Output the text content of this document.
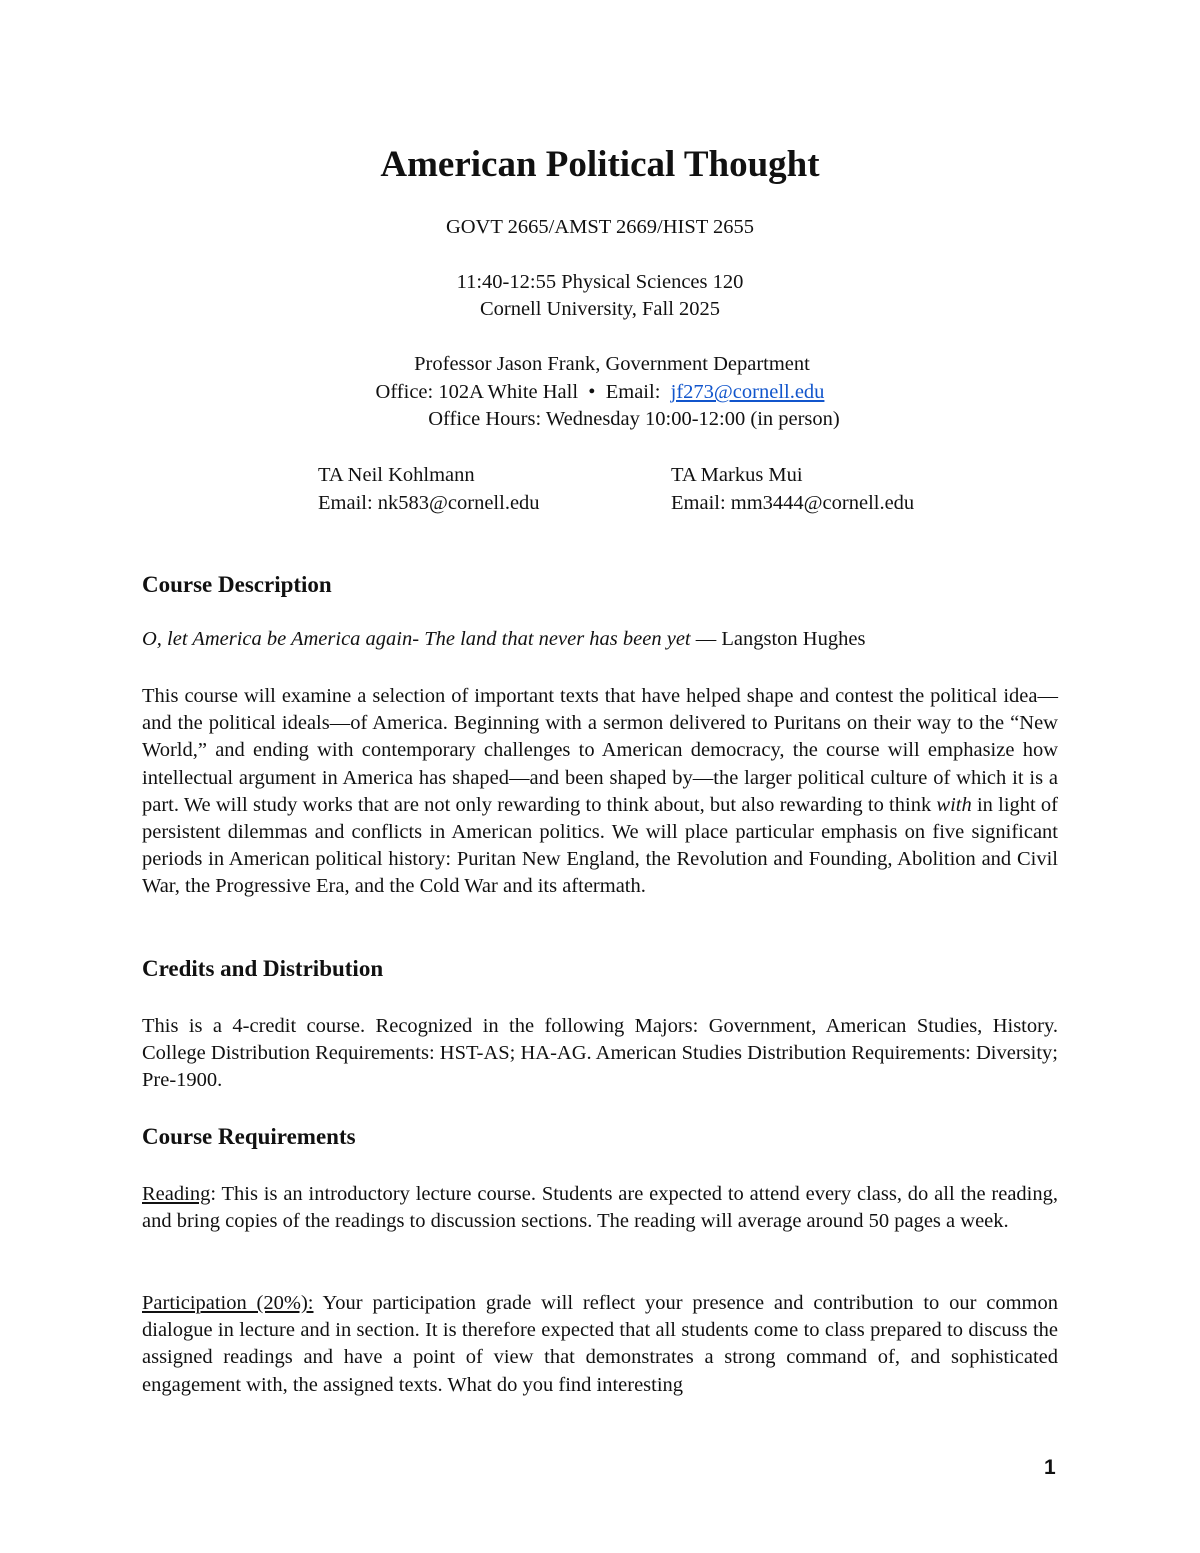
American Political Thought
GOVT 2665/AMST 2669/HIST 2655
11:40-12:55 Physical Sciences 120
Cornell University, Fall 2025
Professor Jason Frank, Government Department
Office: 102A White Hall • Email: jf273@cornell.edu
Office Hours: Wednesday 10:00-12:00 (in person)
TA Neil Kohlmann
Email: nk583@cornell.edu
TA Markus Mui
Email: mm3444@cornell.edu
Course Description
O, let America be America again- The land that never has been yet — Langston Hughes

This course will examine a selection of important texts that have helped shape and contest the political idea—and the political ideals—of America. Beginning with a sermon delivered to Puritans on their way to the “New World,” and ending with contemporary challenges to American democracy, the course will emphasize how intellectual argument in America has shaped—and been shaped by—the larger political culture of which it is a part. We will study works that are not only rewarding to think about, but also rewarding to think with in light of persistent dilemmas and conflicts in American politics. We will place particular emphasis on five significant periods in American political history: Puritan New England, the Revolution and Founding, Abolition and Civil War, the Progressive Era, and the Cold War and its aftermath.

Credits and Distribution

This is a 4-credit course. Recognized in the following Majors: Government, American Studies, History. College Distribution Requirements: HST-AS; HA-AG. American Studies Distribution Requirements: Diversity; Pre-1900.

Course Requirements

Reading: This is an introductory lecture course. Students are expected to attend every class, do all the reading, and bring copies of the readings to discussion sections. The reading will average around 50 pages a week.

Participation (20%): Your participation grade will reflect your presence and contribution to our common dialogue in lecture and in section. It is therefore expected that all students come to class prepared to discuss the assigned readings and have a point of view that demonstrates a strong command of, and sophisticated engagement with, the assigned texts. What do you find interesting

1
